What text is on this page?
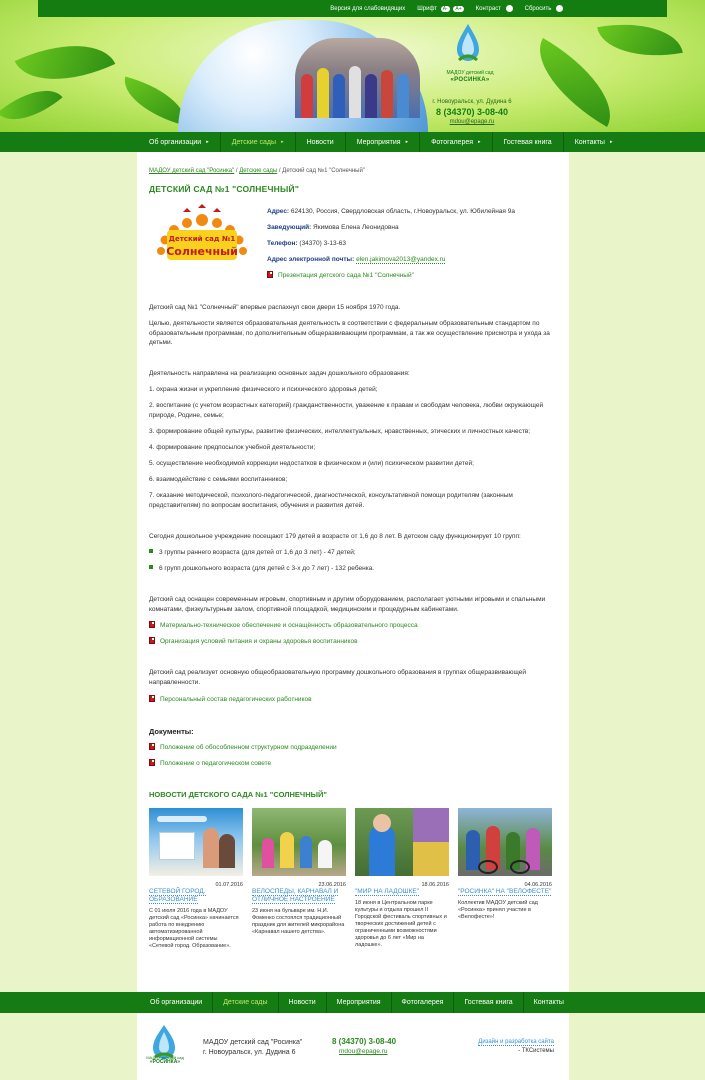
Версия для слабовидящих Шрифт A- A+	Контраст	Сбросить
МАДОУ детский сад
«РОСИНКА»
г. Новоуральск, ул. Дудина 6
8 (34370) 3-08-40
mdou@epage.ru
Об организации ▸	Детские сады ▸	Новости	Мероприятия ▸	Фотогалерея ▸	Гостевая книга	Контакты ▸
МАДОУ детский сад "Росинка" / Детские сады / Детский сад №1 "Солнечный"
ДЕТСКИЙ САД №1 "СОЛНЕЧНЫЙ"
Детский сад №1
Солнечный
Адрес: 624130, Россия, Свердловская область, г.Новоуральск, ул. Юбилейная 9а
Заведующий: Якимова Елена Леонидовна
Телефон: (34370) 3-13-63
Адрес электронной почты: elen.jakimova2013@yandex.ru
Презентация детского сада №1 "Солнечный"
Детский сад №1 "Солнечный" впервые распахнул свои двери 15 ноября 1970 года.
Целью, деятельности является образовательная деятельность в соответствии с федеральным образовательным стандартом по образовательным программам, по дополнительным общеразвивающим программам, а так же осуществление присмотра и ухода за детьми.
Деятельность направлена на реализацию основных задач дошкольного образования:
1. охрана жизни и укрепление физического и психического здоровья детей;
2. воспитание (с учетом возрастных категорий) гражданственности, уважение к правам и свободам человека, любви окружающей природе, Родине, семье;
3. формирование общей культуры, развитие физических, интеллектуальных, нравственных, этических и личностных качеств;
4. формирование предпосылок учебной деятельности;
5. осуществление необходимой коррекции недостатков в физическом и (или) психическом развитии детей;
6. взаимодействие с семьями воспитанников;
7. оказание методической, психолого-педагогической, диагностической, консультативной помощи родителям (законным представителям) по вопросам воспитания, обучения и развития детей.
Сегодня дошкольное учреждение посещают 179 детей в возрасте от 1,6 до 8 лет. В детском саду функционирует 10 групп:
3 группы раннего возраста (для детей от 1,6 до 3 лет) - 47 детей;
6 групп дошкольного возраста (для детей с 3-х до 7 лет) - 132 ребенка.
Детский сад оснащен современным игровым, спортивным и другим оборудованием, располагает уютными игровыми и спальными комнатами, физкультурным залом, спортивной площадкой, медицинским и процедурным кабинетами.
Материально-техническое обеспечение и оснащённость образовательного процесса
Организация условий питания и охраны здоровья воспитанников
Детский сад реализует основную общеобразовательную программу дошкольного образования в группах общеразвивающей направленности.
Персональный состав педагогических работников
Документы:
Положение об обособленном структурном подразделении
Положение о педагогическом совете
НОВОСТИ ДЕТСКОГО САДА №1 "СОЛНЕЧНЫЙ"
01.07.2016
СЕТЕВОЙ ГОРОД. ОБРАЗОВАНИЕ
С 01 июля 2016 года в МАДОУ детский сад «Росинка» начинается работа по внедрению автоматизированной информационной системы «Сетевой город. Образование».
23.06.2016
ВЕЛОСПЕДЫ, КАРНАВАЛ И ОТЛИЧНОЕ НАСТРОЕНИЕ
23 июня на бульваре им. Н.И. Фоменко состоялся традиционный праздник для жителей микрорайона «Карнавал нашего детства».
18.06.2016
"МИР НА ЛАДОШКЕ"
18 июня в Центральном парке культуры и отдыха прошел II Городской фестиваль спортивных и творческих достижений детей с ограниченными возможностями здоровья до 6 лет «Мир на ладошке».
04.06.2016
"РОСИНКА" НА "ВЕЛОФЕСТЕ"
Коллектив МАДОУ детский сад «Росинка» принял участие в «Велофесте»!
Об организации	Детские сады	Новости	Мероприятия	Фотогалерея	Гостевая книга	Контакты
МАДОУ детский сад
«РОСИНКА»
МАДОУ детский сад "Росинка"
г. Новоуральск, ул. Дудина 6
8 (34370) 3-08-40
mdou@epage.ru
Дизайн и разработка сайта
- ТКСистемы
